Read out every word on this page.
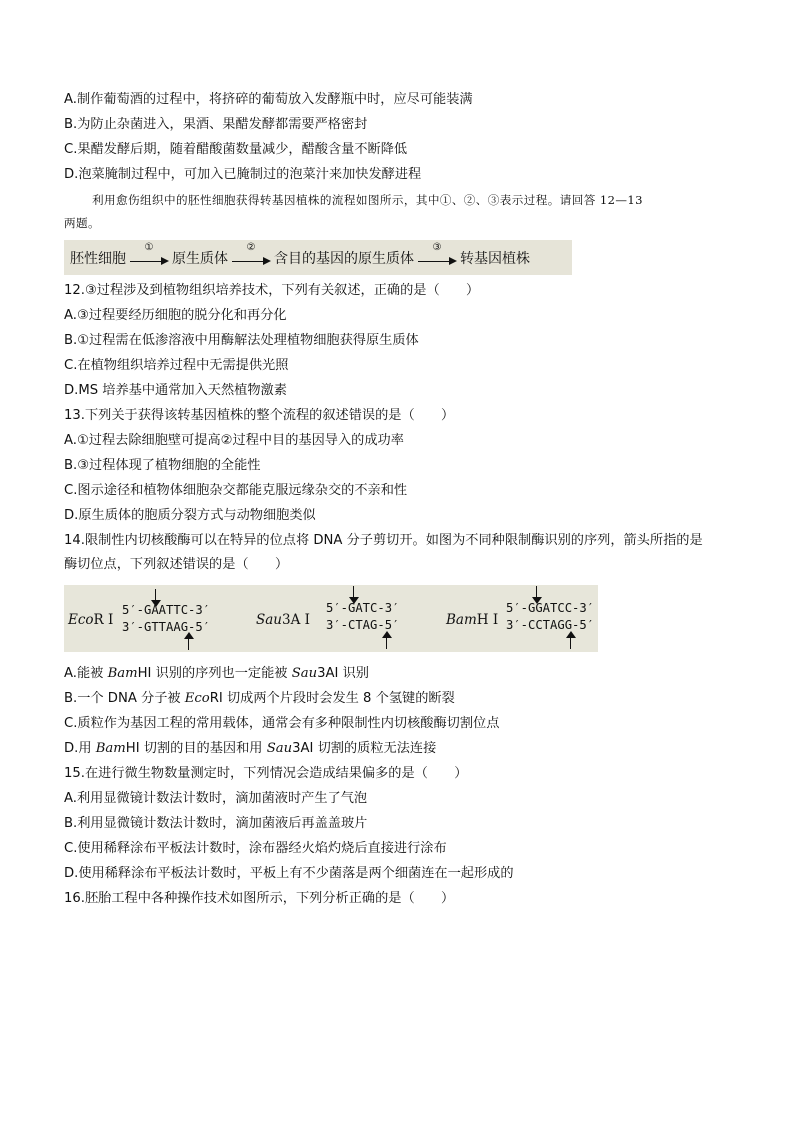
A.制作葡萄酒的过程中，将挤碎的葡萄放入发酵瓶中时，应尽可能装满
B.为防止杂菌进入，果酒、果醋发酵都需要严格密封
C.果醋发酵后期，随着醋酸菌数量减少，醋酸含量不断降低
D.泡菜腌制过程中，可加入已腌制过的泡菜汁来加快发酵进程
利用愈伤组织中的胚性细胞获得转基因植株的流程如图所示，其中①、②、③表示过程。请回答 12—13
两题。
胚性细胞
①
原生质体
②
含目的基因的原生质体
③
转基因植株
12.③过程涉及到植物组织培养技术，下列有关叙述，正确的是（　　）
A.③过程要经历细胞的脱分化和再分化
B.①过程需在低渗溶液中用酶解法处理植物细胞获得原生质体
C.在植物组织培养过程中无需提供光照
D.MS 培养基中通常加入天然植物激素
13.下列关于获得该转基因植株的整个流程的叙述错误的是（　　）
A.①过程去除细胞壁可提高②过程中目的基因导入的成功率
B.③过程体现了植物细胞的全能性
C.图示途径和植物体细胞杂交都能克服远缘杂交的不亲和性
D.原生质体的胞质分裂方式与动物细胞类似
14.限制性内切核酸酶可以在特异的位点将 DNA 分子剪切开。如图为不同种限制酶识别的序列，箭头所指的是
酶切位点，下列叙述错误的是（　　）
EcoR I
5′-GAATTC-3′
3′-GTTAAG-5′	Sau3A I
5′-GATC-3′
3′-CTAG-5′	BamH I
5′-GGATCC-3′
3′-CCTAGG-5′
A.能被 BamHI 识别的序列也一定能被 Sau3AI 识别
B.一个 DNA 分子被 EcoRI 切成两个片段时会发生 8 个氢键的断裂
C.质粒作为基因工程的常用载体，通常会有多种限制性内切核酸酶切割位点
D.用 BamHI 切割的目的基因和用 Sau3AI 切割的质粒无法连接
15.在进行微生物数量测定时，下列情况会造成结果偏多的是（　　）
A.利用显微镜计数法计数时，滴加菌液时产生了气泡
B.利用显微镜计数法计数时，滴加菌液后再盖盖玻片
C.使用稀释涂布平板法计数时，涂布器经火焰灼烧后直接进行涂布
D.使用稀释涂布平板法计数时，平板上有不少菌落是两个细菌连在一起形成的
16.胚胎工程中各种操作技术如图所示，下列分析正确的是（　　）
